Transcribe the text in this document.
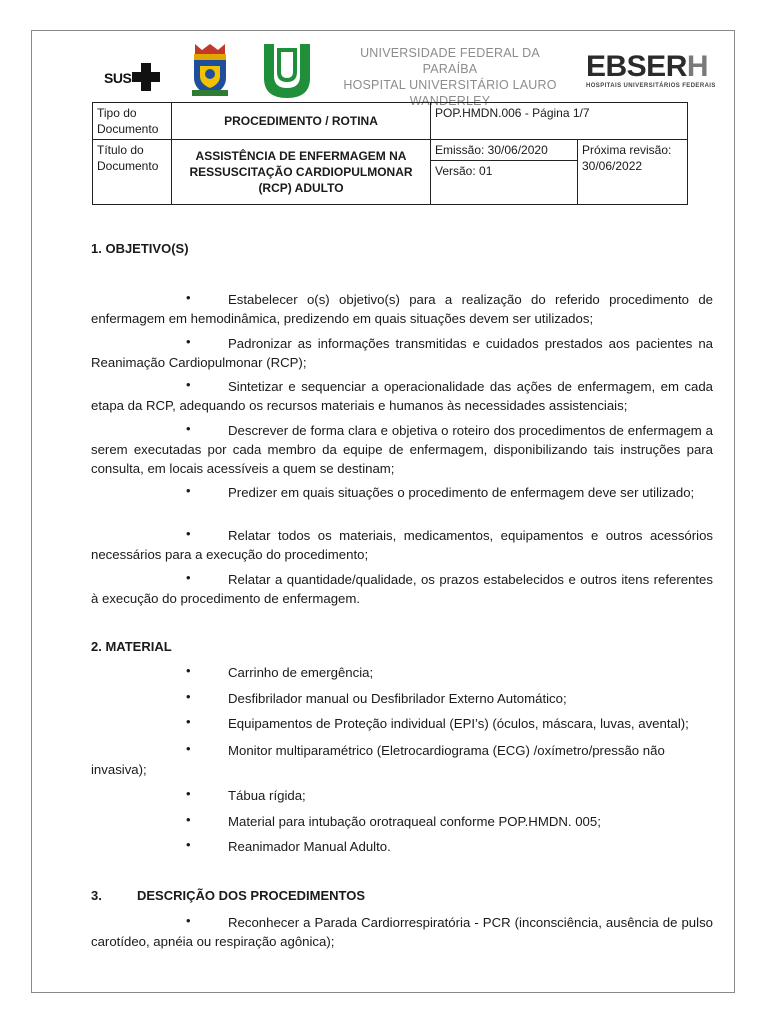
SUS
UNIVERSIDADE FEDERAL DA PARAÍBA
HOSPITAL UNIVERSITÁRIO LAURO
WANDERLEY
EBSERH
HOSPITAIS UNIVERSITÁRIOS FEDERAIS
Tipo do Documento	PROCEDIMENTO / ROTINA	POP.HMDN.006 - Página 1/7	
Título do Documento	ASSISTÊNCIA DE ENFERMAGEM NA RESSUSCITAÇÃO CARDIOPULMONAR (RCP) ADULTO	Emissão: 30/06/2020	Próxima revisão:
30/06/2022

		Versão: 01	
1. OBJETIVO(S)
•	Estabelecer o(s) objetivo(s) para a realização do referido procedimento de enfermagem em hemodinâmica, predizendo em quais situações devem ser utilizados;
•	Padronizar as informações transmitidas e cuidados prestados aos pacientes na Reanimação Cardiopulmonar (RCP);
•	Sintetizar e sequenciar a operacionalidade das ações de enfermagem, em cada etapa da RCP, adequando os recursos materiais e humanos às necessidades assistenciais;
•	Descrever de forma clara e objetiva o roteiro dos procedimentos de enfermagem a serem executadas por cada membro da equipe de enfermagem, disponibilizando tais instruções para consulta, em locais acessíveis a quem se destinam;
•	Predizer em quais situações o procedimento de enfermagem deve ser utilizado;
•	Relatar todos os materiais, medicamentos, equipamentos e outros acessórios necessários para a execução do procedimento;
•	Relatar a quantidade/qualidade, os prazos estabelecidos e outros itens referentes à execução do procedimento de enfermagem.
2. MATERIAL
•	Carrinho de emergência;
•	Desfibrilador manual ou Desfibrilador Externo Automático;
•	Equipamentos de Proteção individual (EPI’s) (óculos, máscara, luvas, avental);
•	Monitor multiparamétrico (Eletrocardiograma (ECG) /oxímetro/pressão não
invasiva);
•	Tábua rígida;
•	Material para intubação orotraqueal conforme POP.HMDN. 005;
•	Reanimador Manual Adulto.
3.	DESCRIÇÃO DOS PROCEDIMENTOS
•	Reconhecer a Parada Cardiorrespiratória - PCR (inconsciência, ausência de pulso carotídeo, apnéia ou respiração agônica);
